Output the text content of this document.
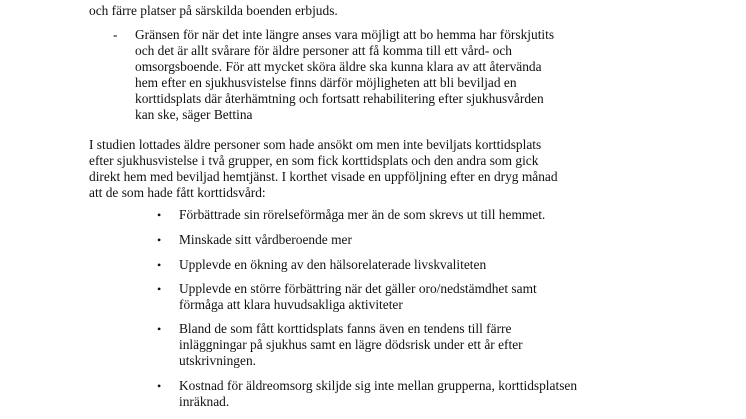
och färre platser på särskilda boenden erbjuds.
- Gränsen för när det inte längre anses vara möjligt att bo hemma har förskjutits
och det är allt svårare för äldre personer att få komma till ett vård- och
omsorgsboende. För att mycket sköra äldre ska kunna klara av att återvända
hem efter en sjukhusvistelse finns därför möjligheten att bli beviljad en
korttidsplats där återhämtning och fortsatt rehabilitering efter sjukhusvården
kan ske, säger Bettina
I studien lottades äldre personer som hade ansökt om men inte beviljats korttidsplats
efter sjukhusvistelse i två grupper, en som fick korttidsplats och den andra som gick
direkt hem med beviljad hemtjänst. I korthet visade en uppföljning efter en dryg månad
att de som hade fått korttidsvård:
• Förbättrade sin rörelseförmåga mer än de som skrevs ut till hemmet.
• Minskade sitt vårdberoende mer
• Upplevde en ökning av den hälsorelaterade livskvaliteten
• Upplevde en större förbättring när det gäller oro/nedstämdhet samt
förmåga att klara huvudsakliga aktiviteter
• Bland de som fått korttidsplats fanns även en tendens till färre
inläggningar på sjukhus samt en lägre dödsrisk under ett år efter
utskrivningen.
• Kostnad för äldreomsorg skiljde sig inte mellan grupperna, korttidsplatsen
inräknad.
